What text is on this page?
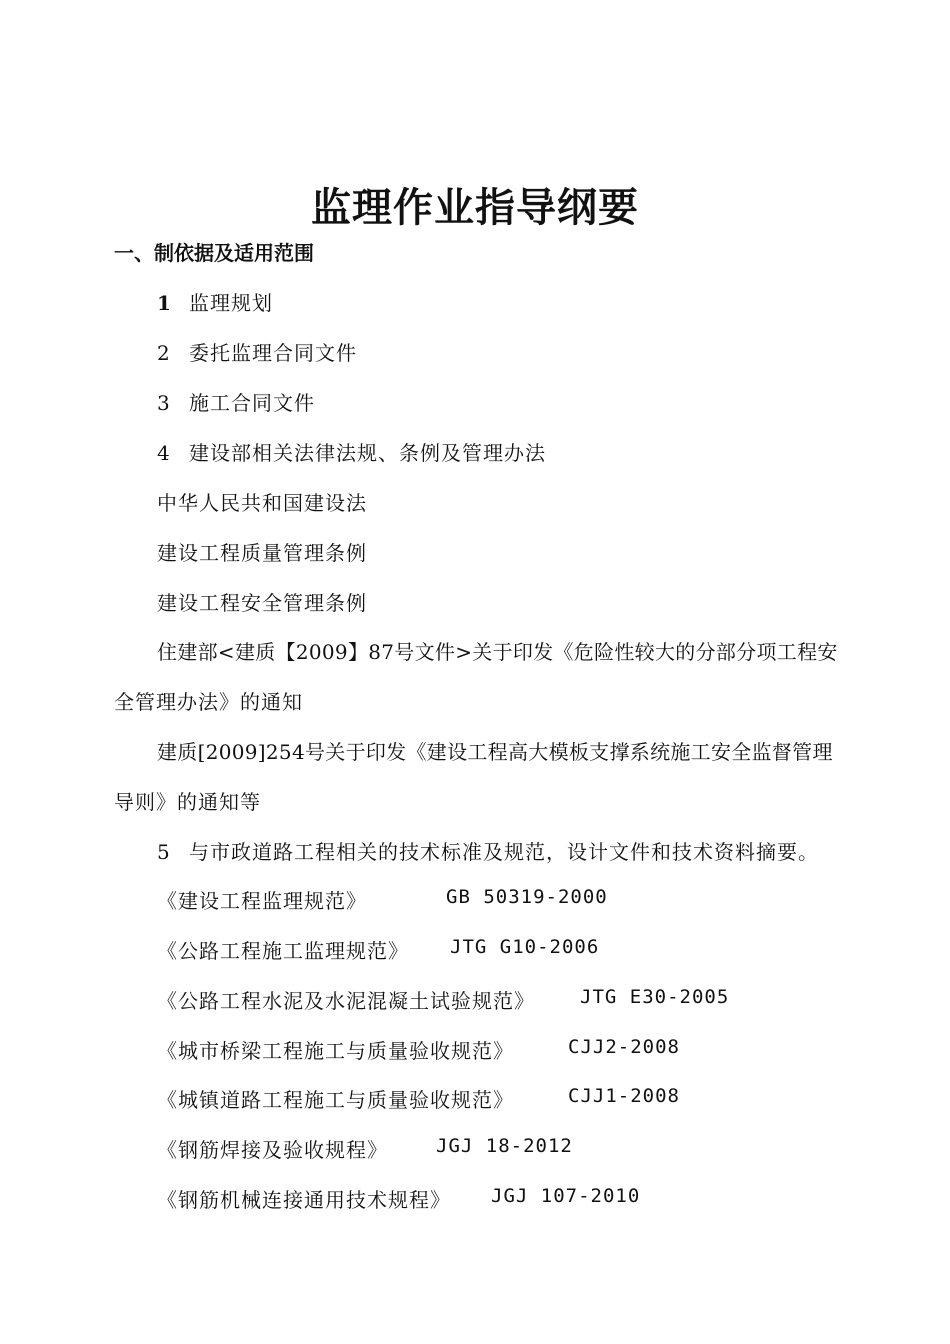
监理作业指导纲要
一、制依据及适用范围
1 监理规划
2 委托监理合同文件
3 施工合同文件
4 建设部相关法律法规、条例及管理办法
中华人民共和国建设法
建设工程质量管理条例
建设工程安全管理条例
住建部<建质【2009】87号文件>关于印发《危险性较大的分部分项工程安
全管理办法》的通知
建质[2009]254号关于印发《建设工程高大模板支撑系统施工安全监督管理
导则》的通知等
5 与市政道路工程相关的技术标准及规范，设计文件和技术资料摘要。
《建设工程监理规范》	GB 50319-2000
《公路工程施工监理规范》 JTG G10-2006
《公路工程水泥及水泥混凝土试验规范》 JTG E30-2005
《城市桥梁工程施工与质量验收规范》	CJJ2-2008
《城镇道路工程施工与质量验收规范》	CJJ1-2008
《钢筋焊接及验收规程》	JGJ 18-2012
《钢筋机械连接通用技术规程》 JGJ 107-2010
